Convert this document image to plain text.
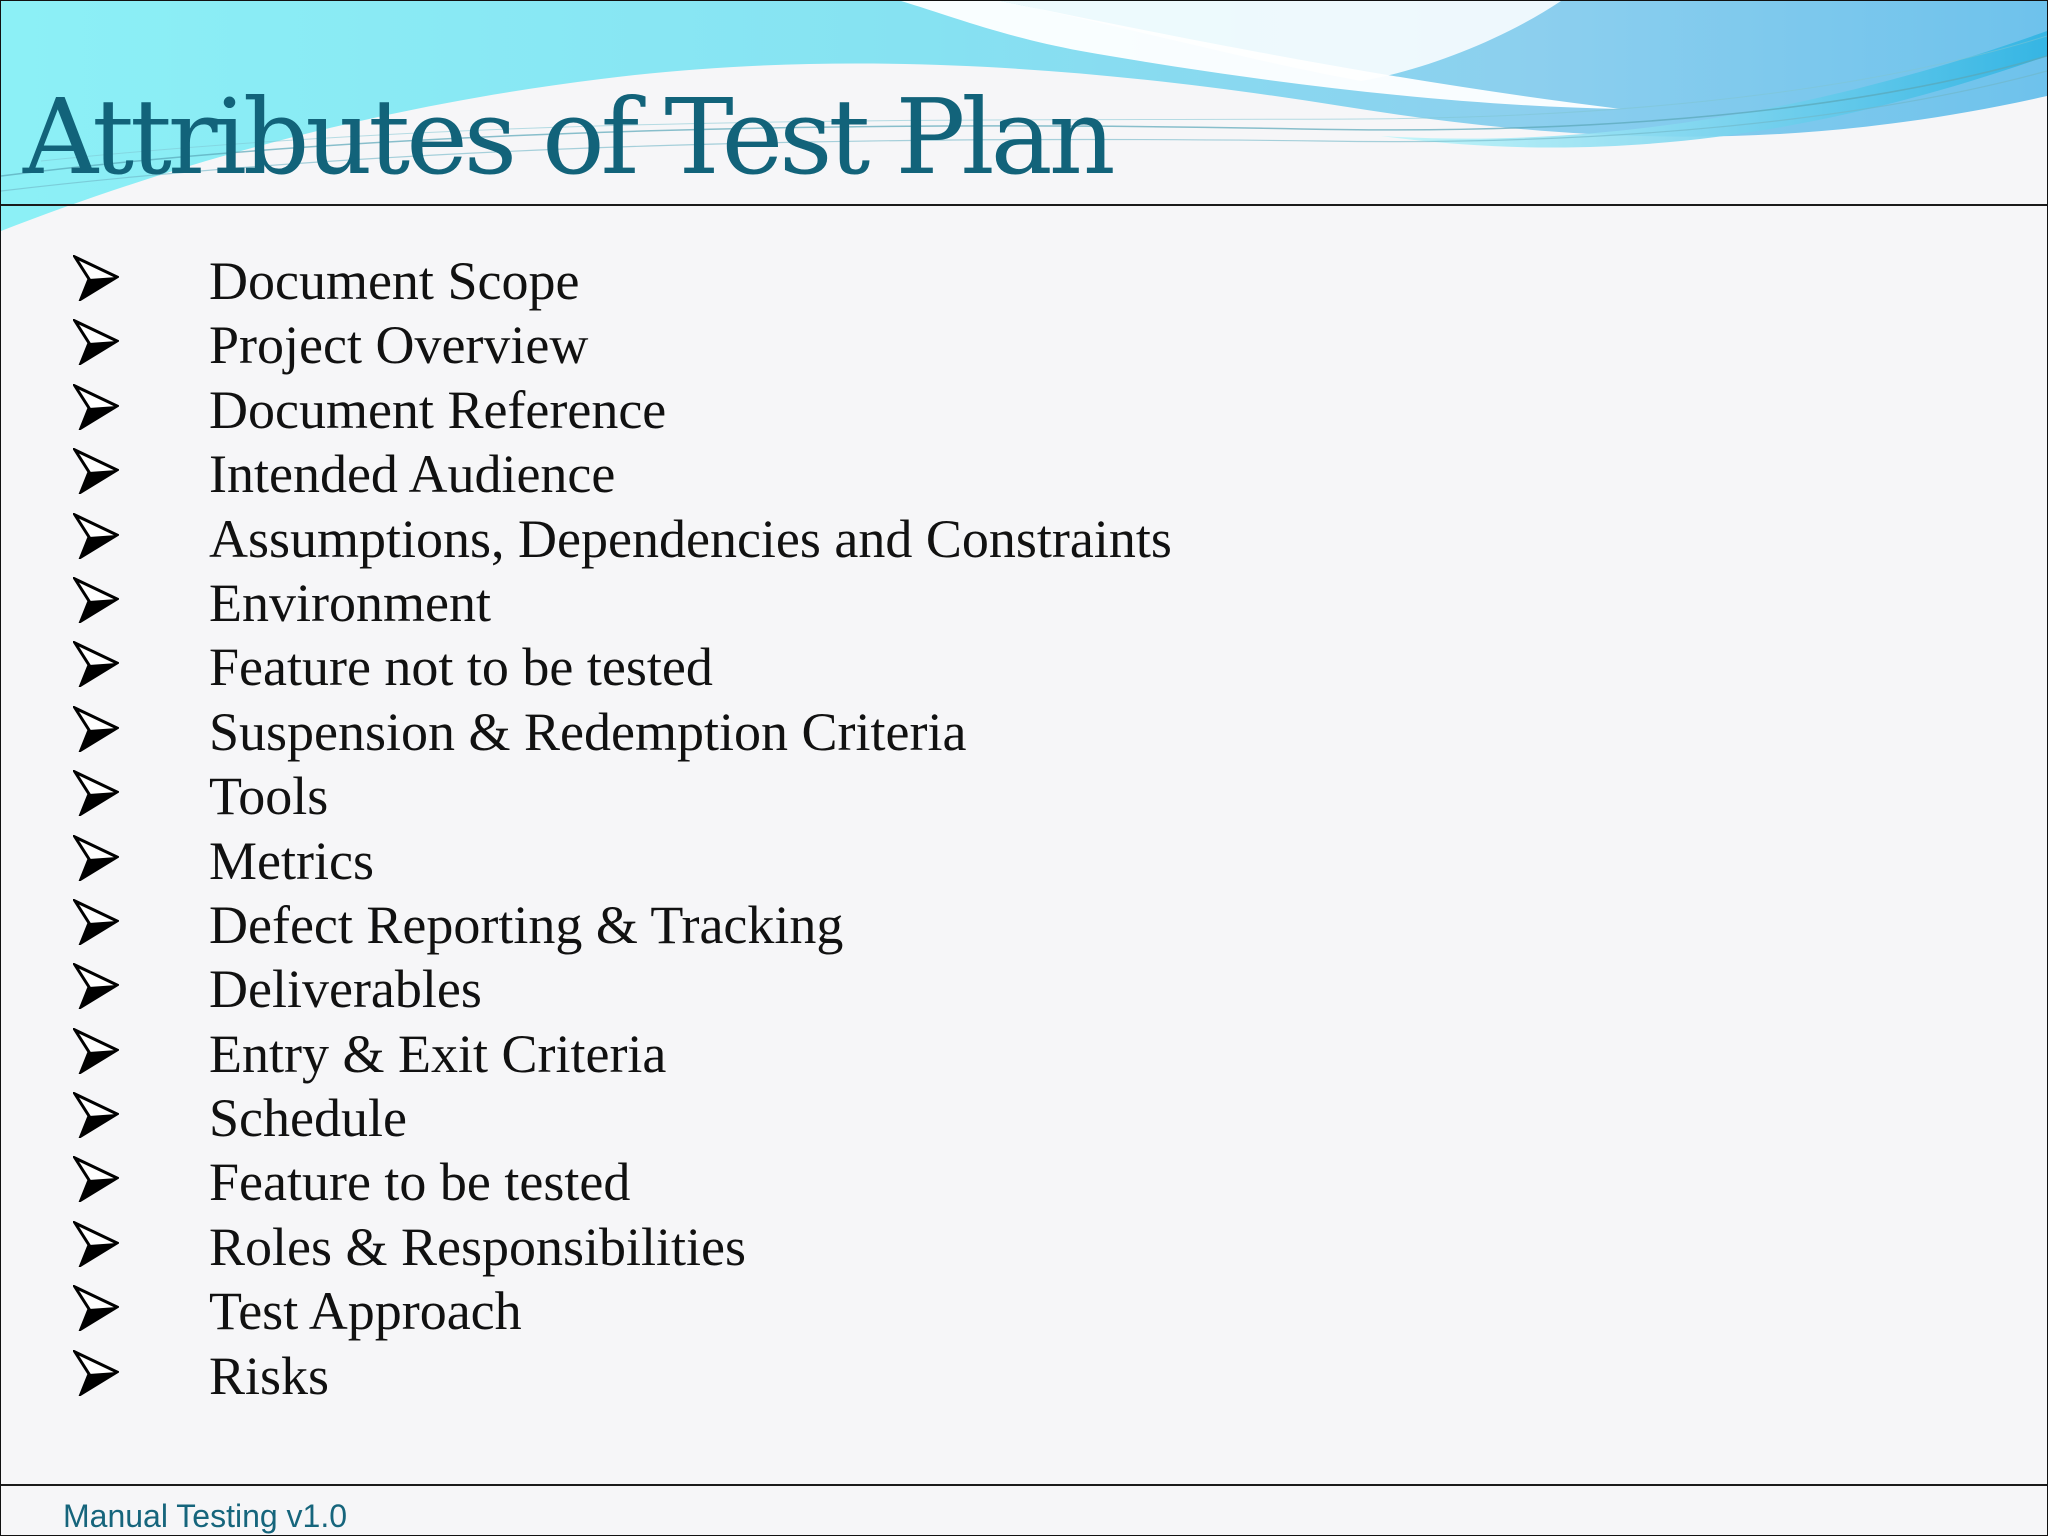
Attributes of Test Plan
Document Scope
Project Overview
Document Reference
Intended Audience
Assumptions, Dependencies and Constraints
Environment
Feature not to be tested
Suspension & Redemption Criteria
Tools
Metrics
Defect Reporting & Tracking
Deliverables
Entry & Exit Criteria
Schedule
Feature to be tested
Roles & Responsibilities
Test Approach
Risks
Manual Testing v1.0
